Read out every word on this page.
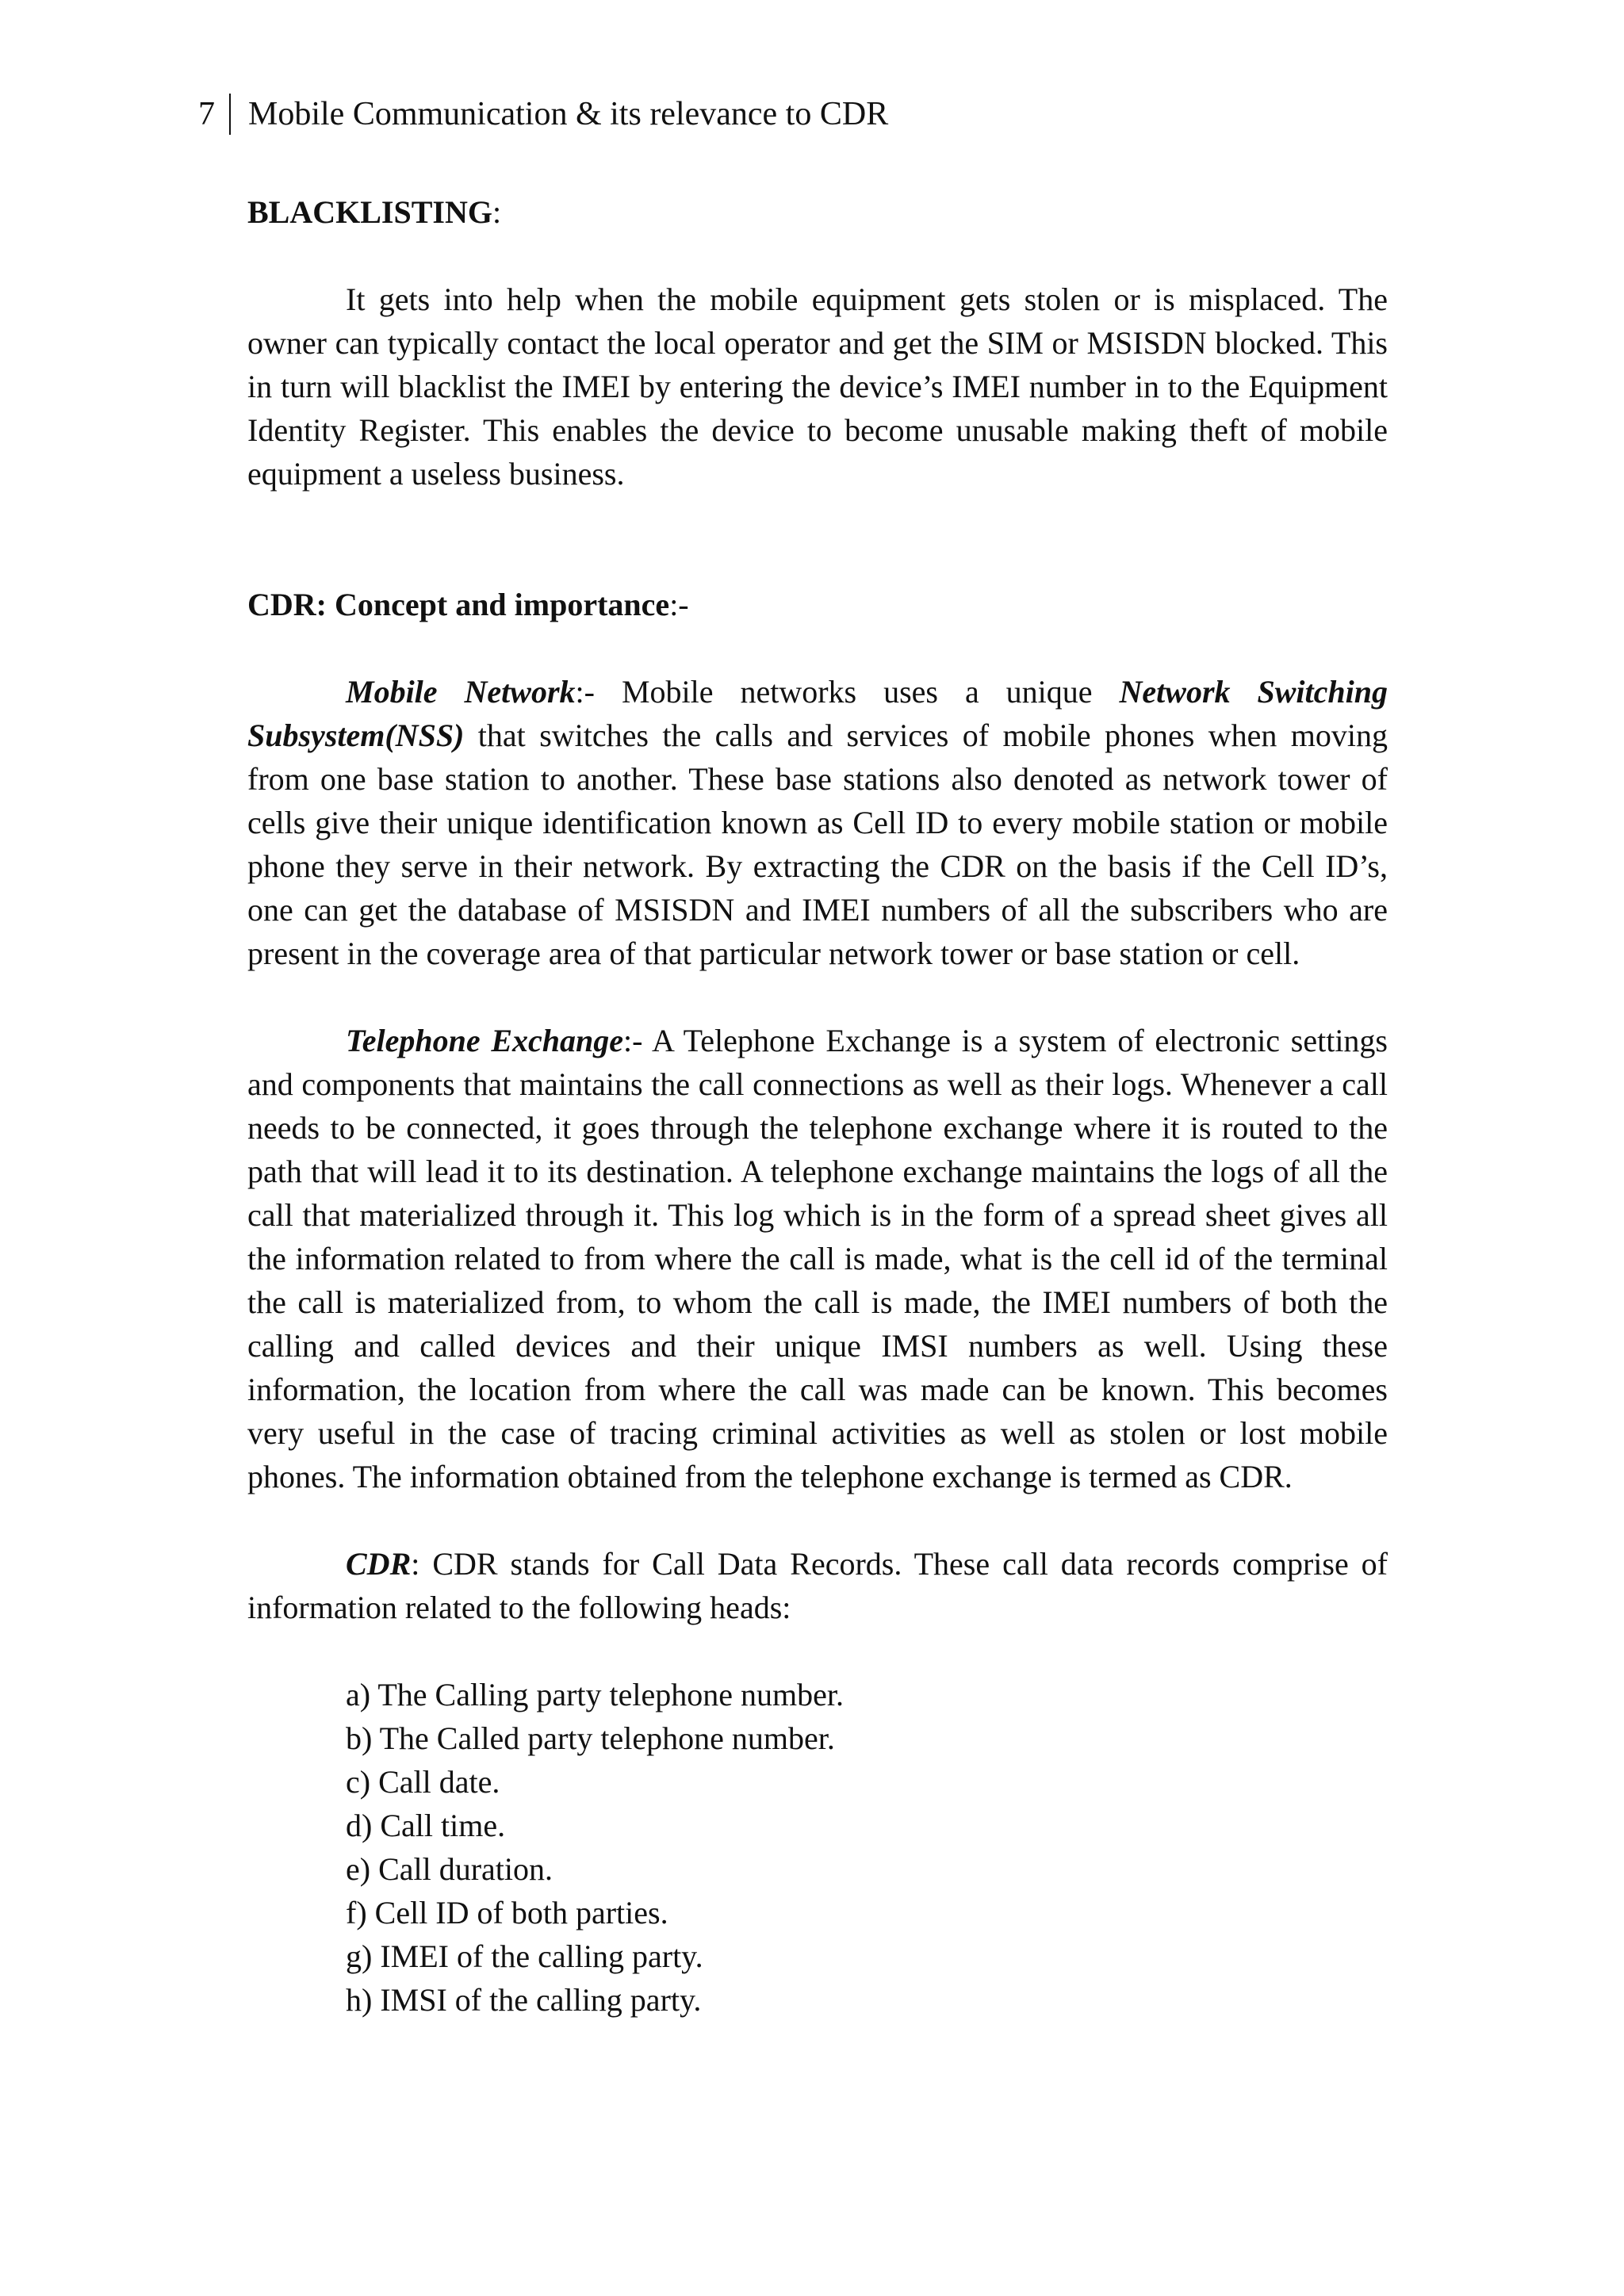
7 Mobile Communication & its relevance to CDR

BLACKLISTING:

It gets into help when the mobile equipment gets stolen or is misplaced. The owner can typically contact the local operator and get the SIM or MSISDN blocked. This in turn will blacklist the IMEI by entering the device’s IMEI number in to the Equipment Identity Register. This enables the device to become unusable making theft of mobile equipment a useless business.

CDR: Concept and importance:-

Mobile Network:- Mobile networks uses a unique Network Switching Subsystem(NSS) that switches the calls and services of mobile phones when moving from one base station to another. These base stations also denoted as network tower of cells give their unique identification known as Cell ID to every mobile station or mobile phone they serve in their network. By extracting the CDR on the basis if the Cell ID’s, one can get the database of MSISDN and IMEI numbers of all the subscribers who are present in the coverage area of that particular network tower or base station or cell.

Telephone Exchange:- A Telephone Exchange is a system of electronic settings and components that maintains the call connections as well as their logs. Whenever a call needs to be connected, it goes through the telephone exchange where it is routed to the path that will lead it to its destination. A telephone exchange maintains the logs of all the call that materialized through it. This log which is in the form of a spread sheet gives all the information related to from where the call is made, what is the cell id of the terminal the call is materialized from, to whom the call is made, the IMEI numbers of both the calling and called devices and their unique IMSI numbers as well. Using these information, the location from where the call was made can be known. This becomes very useful in the case of tracing criminal activities as well as stolen or lost mobile phones. The information obtained from the telephone exchange is termed as CDR.

CDR: CDR stands for Call Data Records. These call data records comprise of information related to the following heads:

a) The Calling party telephone number.
b) The Called party telephone number.
c) Call date.
d) Call time.
e) Call duration.
f) Cell ID of both parties.
g) IMEI of the calling party.
h) IMSI of the calling party.
